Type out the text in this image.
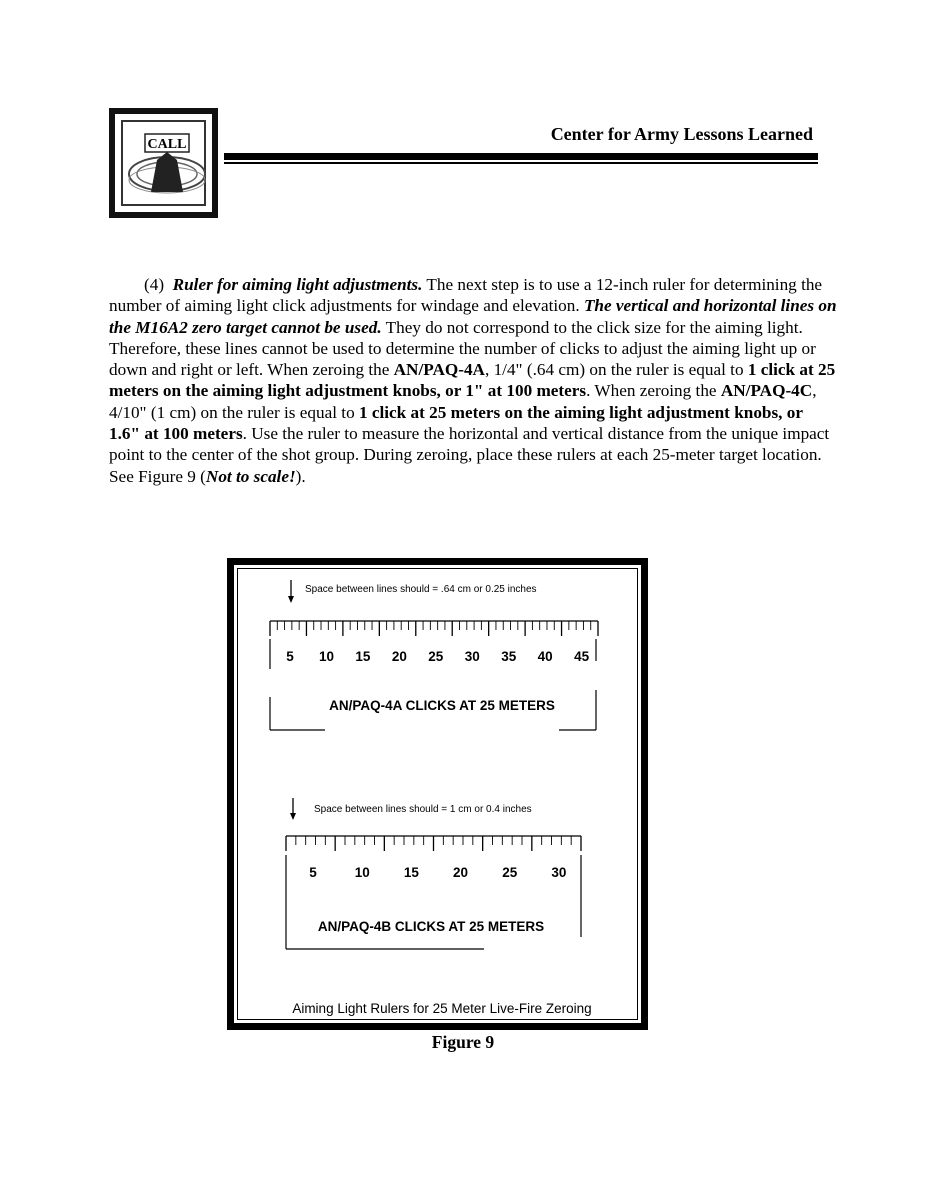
CALL
Center for Army Lessons Learned
(4) Ruler for aiming light adjustments. The next step is to use a 12-inch ruler for determining the number of aiming light click adjustments for windage and elevation. The vertical and horizontal lines on the M16A2 zero target cannot be used. They do not correspond to the click size for the aiming light. Therefore, these lines cannot be used to determine the number of clicks to adjust the aiming light up or down and right or left. When zeroing the AN/PAQ-4A, 1/4" (.64 cm) on the ruler is equal to 1 click at 25 meters on the aiming light adjustment knobs, or 1" at 100 meters. When zeroing the AN/PAQ-4C, 4/10" (1 cm) on the ruler is equal to 1 click at 25 meters on the aiming light adjustment knobs, or 1.6" at 100 meters. Use the ruler to measure the horizontal and vertical distance from the unique impact point to the center of the shot group. During zeroing, place these rulers at each 25-meter target location. See Figure 9 (Not to scale!).
Space between lines should = .64 cm or 0.25 inches
5 10 15 20 25 30 35 40 45
AN/PAQ-4A CLICKS AT 25 METERS
Space between lines should = 1 cm or 0.4 inches
5	10	15	20	25	30
AN/PAQ-4B CLICKS AT 25 METERS
Aiming Light Rulers for 25 Meter Live-Fire Zeroing
Figure 9
